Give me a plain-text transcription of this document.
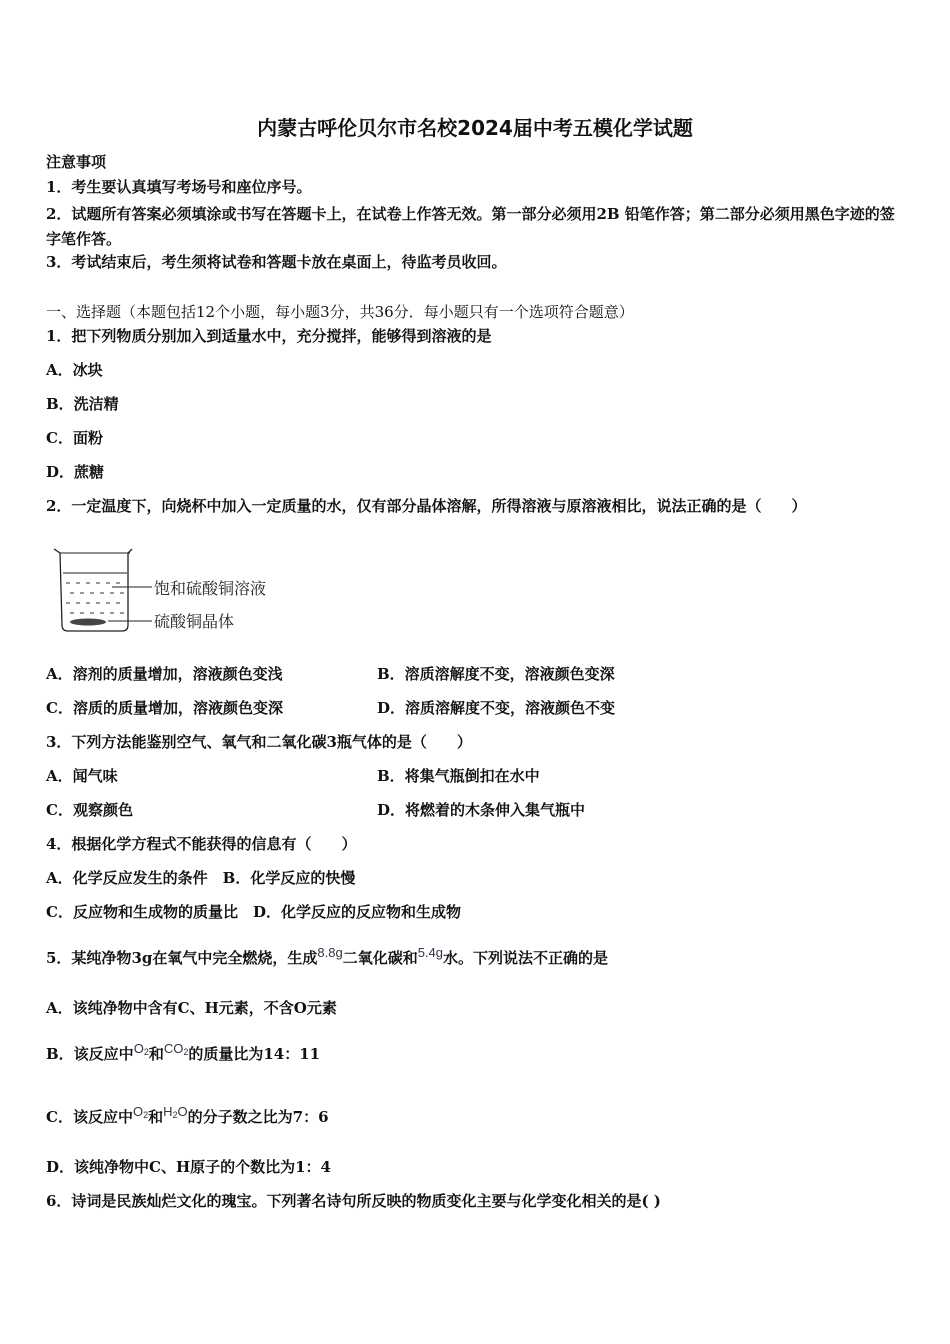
内蒙古呼伦贝尔市名校2024届中考五模化学试题
注意事项
1．考生要认真填写考场号和座位序号。
2．试题所有答案必须填涂或书写在答题卡上，在试卷上作答无效。第一部分必须用2B 铅笔作答；第二部分必须用黑色字迹的签字笔作答。
3．考试结束后，考生须将试卷和答题卡放在桌面上，待监考员收回。
一、选择题（本题包括12个小题，每小题3分，共36分．每小题只有一个选项符合题意）
1．把下列物质分别加入到适量水中，充分搅拌，能够得到溶液的是
A．冰块
B．洗洁精
C．面粉
D．蔗糖
2．一定温度下，向烧杯中加入一定质量的水，仅有部分晶体溶解，所得溶液与原溶液相比，说法正确的是（　　）
饱和硫酸铜溶液
硫酸铜晶体
A．溶剂的质量增加，溶液颜色变浅	B．溶质溶解度不变，溶液颜色变深
C．溶质的质量增加，溶液颜色变深	D．溶质溶解度不变，溶液颜色不变
3．下列方法能鉴别空气、氧气和二氧化碳3瓶气体的是（　　）
A．闻气味	B．将集气瓶倒扣在水中
C．观察颜色	D．将燃着的木条伸入集气瓶中
4．根据化学方程式不能获得的信息有（　　）
A．化学反应发生的条件　B．化学反应的快慢
C．反应物和生成物的质量比　D．化学反应的反应物和生成物
5．某纯净物3g在氧气中完全燃烧，生成8.8g二氧化碳和5.4g水。下列说法不正确的是
A．该纯净物中含有C、H元素，不含O元素
B．该反应中O2和CO2的质量比为14：11
C．该反应中O2和H2O的分子数之比为7：6
D．该纯净物中C、H原子的个数比为1：4
6．诗词是民族灿烂文化的瑰宝。下列著名诗句所反映的物质变化主要与化学变化相关的是( )
